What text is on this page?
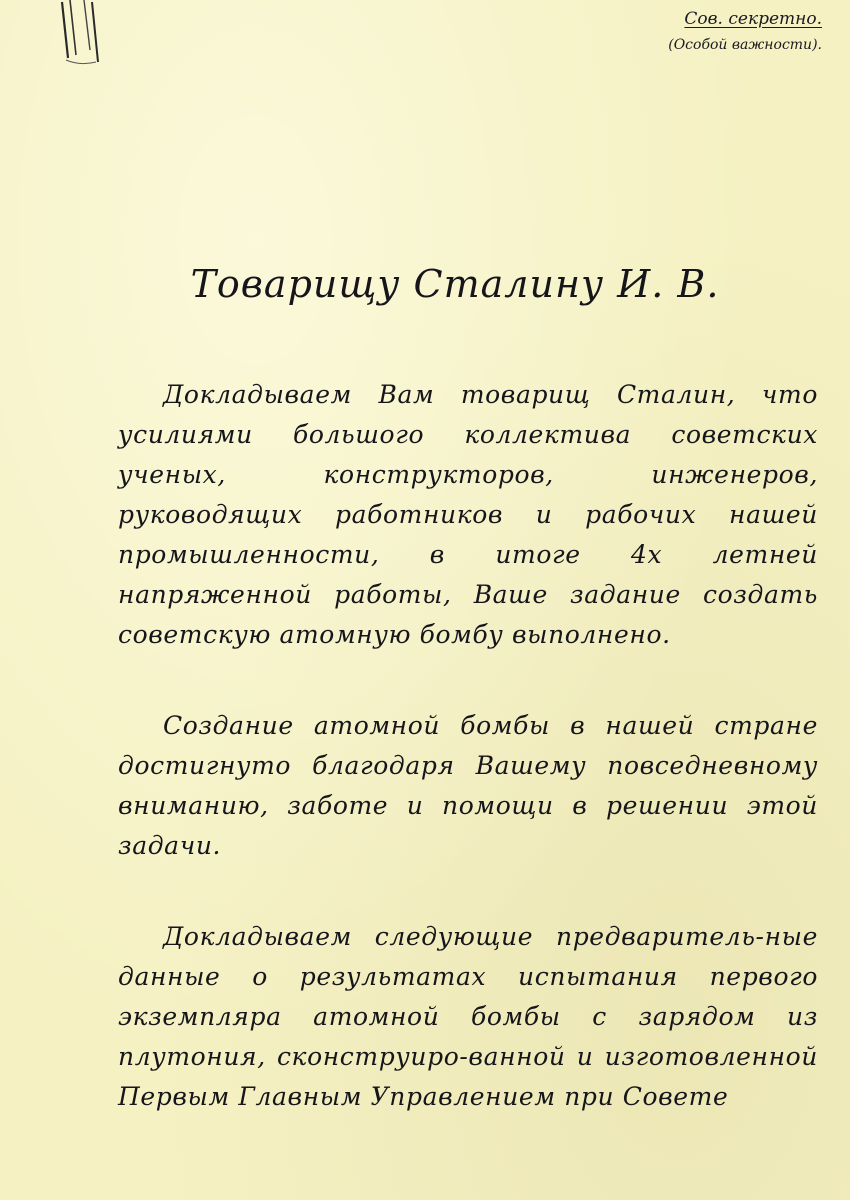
Сов. секретно.
(Особой важности).
Товарищу Сталину И. В.

Докладываем Вам товарищ Сталин, что усилиями большого коллектива советских ученых, конструкторов, инженеров, руководящих работников и рабочих нашей промышленности, в итоге 4х летней напряженной работы, Ваше задание создать советскую атомную бомбу выполнено.

Создание атомной бомбы в нашей стране достигнуто благодаря Вашему повседневному вниманию, заботе и помощи в решении этой задачи.

Докладываем следующие предваритель-ные данные о результатах испытания первого экземпляра атомной бомбы с зарядом из плутония, сконструиро-ванной и изготовленной Первым Главным Управлением при Совете
